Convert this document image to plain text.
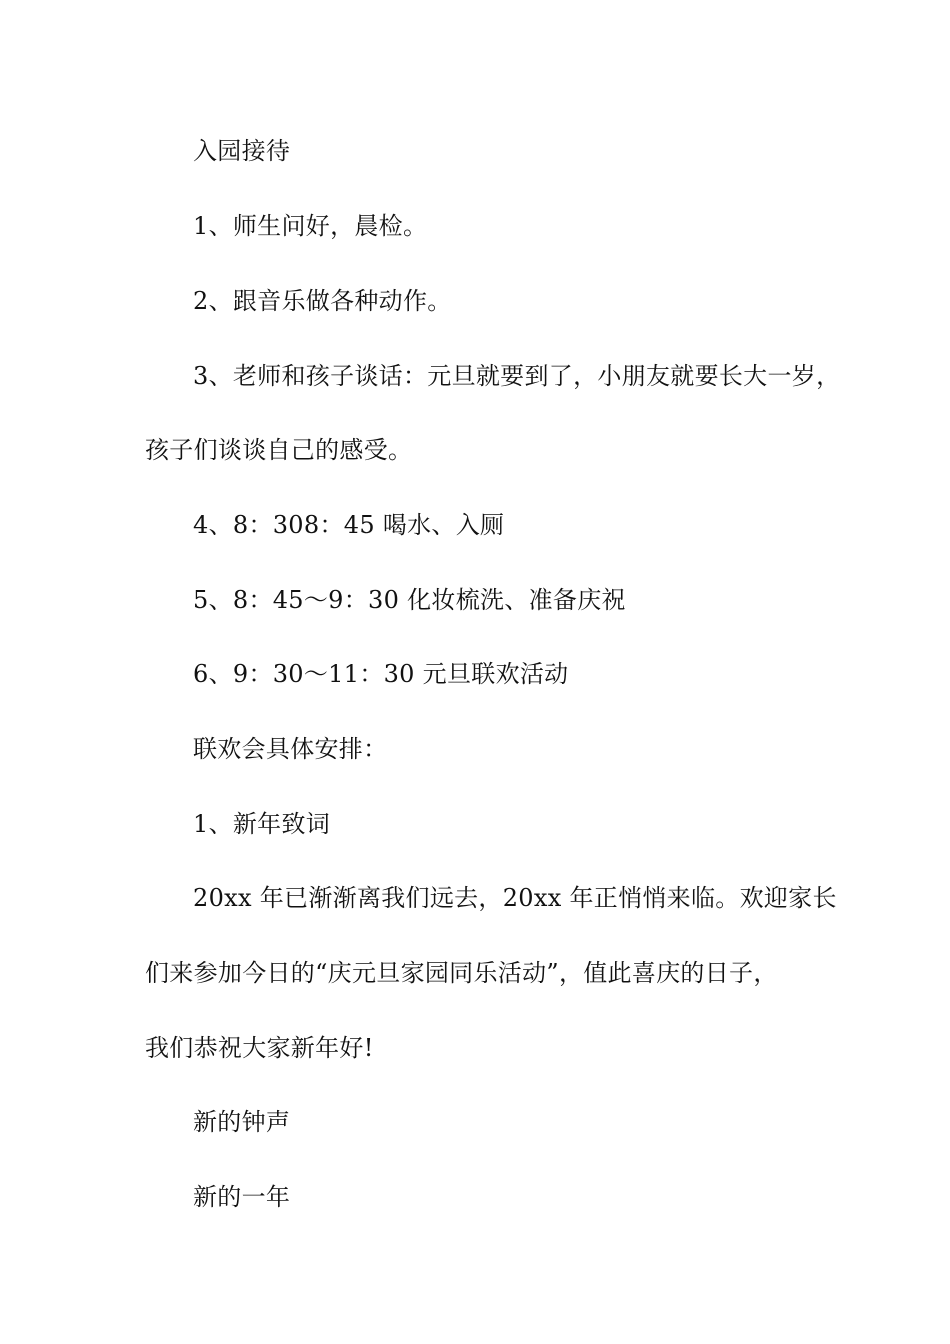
入园接待
1、师生问好，晨检。
2、跟音乐做各种动作。
3、老师和孩子谈话：元旦就要到了，小朋友就要长大一岁，
孩子们谈谈自己的感受。
4、8：308：45 喝水、入厕
5、8：45～9：30 化妆梳洗、准备庆祝
6、9：30～11：30 元旦联欢活动
联欢会具体安排：
1、新年致词
20xx 年已渐渐离我们远去，20xx 年正悄悄来临。欢迎家长
们来参加今日的“庆元旦家园同乐活动”，值此喜庆的日子，
我们恭祝大家新年好!
新的钟声
新的一年
